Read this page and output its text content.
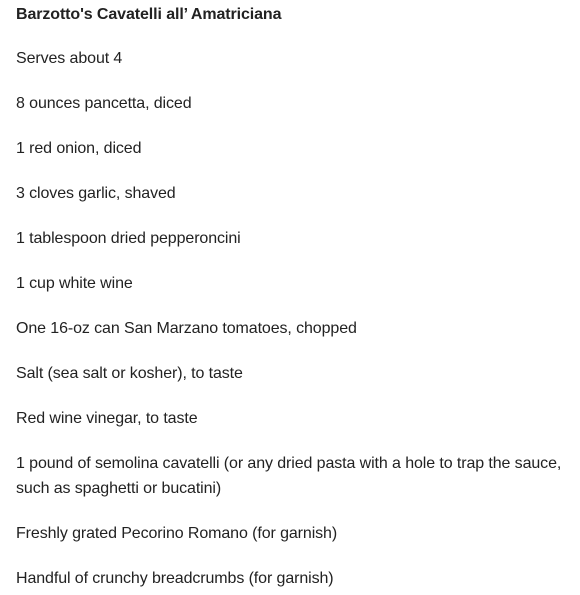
Barzotto's Cavatelli all’ Amatriciana

Serves about 4

8 ounces pancetta, diced

1 red onion, diced

3 cloves garlic, shaved

1 tablespoon dried pepperoncini

1 cup white wine

One 16-oz can San Marzano tomatoes, chopped

Salt (sea salt or kosher), to taste

Red wine vinegar, to taste

1 pound of semolina cavatelli (or any dried pasta with a hole to trap the sauce, such as spaghetti or bucatini)

Freshly grated Pecorino Romano (for garnish)

Handful of crunchy breadcrumbs (for garnish)
